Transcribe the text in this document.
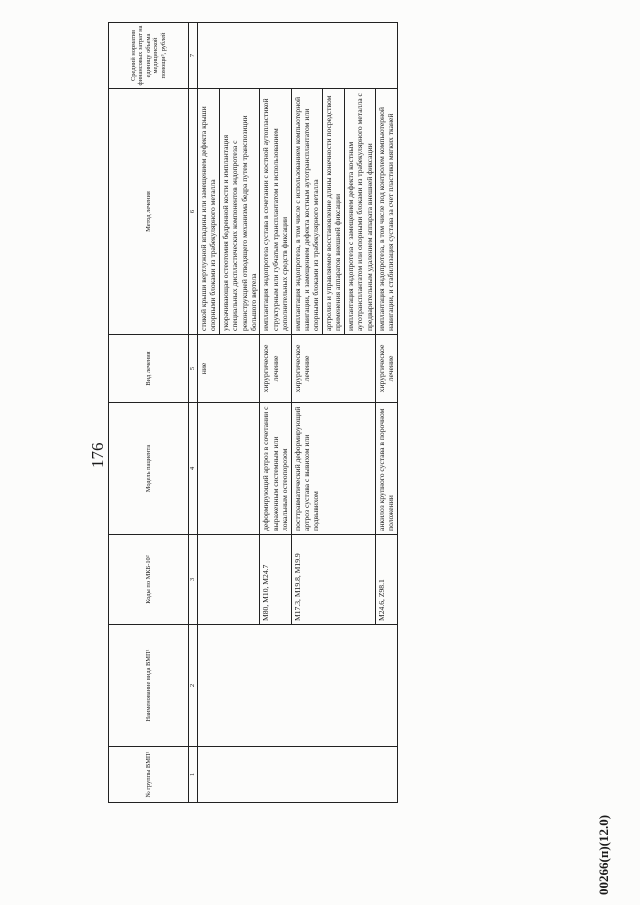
176
№ группы ВМП¹	Наименование вида ВМП¹	Коды по МКБ-10²	Модель пациента	Вид лечения	Метод лечения	Средний норматив финансовых затрат на единицу объема медицинской помощи³, рублей
1	2	3	4	5	6	7
				ние	стикой крыши вертлужной впадины или замещением дефекта крыши опорными блоками из трабекулярного металла	
					укорачивающая остеотомия бедренной кости и имплантация специальных диспластических компонентов эндопротеза с реконструкцией отводящего механизма бедра путем транспозиции большого вертела	
		M80, M10, M24.7	деформирующий артроз в сочетании с выраженным системным или локальным остеопорозом	хирургическое лечение	имплантация эндопротеза сустава в сочетании с костной аутопластикой структурным или губчатым трансплантатом и использованием дополнительных средств фиксации	
		M17.3, M19.8, M19.9	посттравматический деформирующий артроз сустава с вывихом или подвывихом	хирургическое лечение	имплантация эндопротеза, в том числе с использованием компьютерной навигации, и замещением дефекта костным аутотрансплантатом или опорными блоками из трабекулярного металла	
					артролиз и управляемое восстановление длины конечности посредством применения аппаратов внешней фиксации	
					имплантация эндопротеза с замещением дефекта костным аутотрансплантатом или опорными блоками из трабекулярного металла с предварительным удалением аппарата внешней фиксации	
		M24.6, Z98.1	анкилоз крупного сустава в порочном положении	хирургическое лечение	имплантация эндопротеза, в том числе под контролем компьютерной навигации, и стабилизация сустава за счет пластики мягких тканей	
00266(п)(12.0)
